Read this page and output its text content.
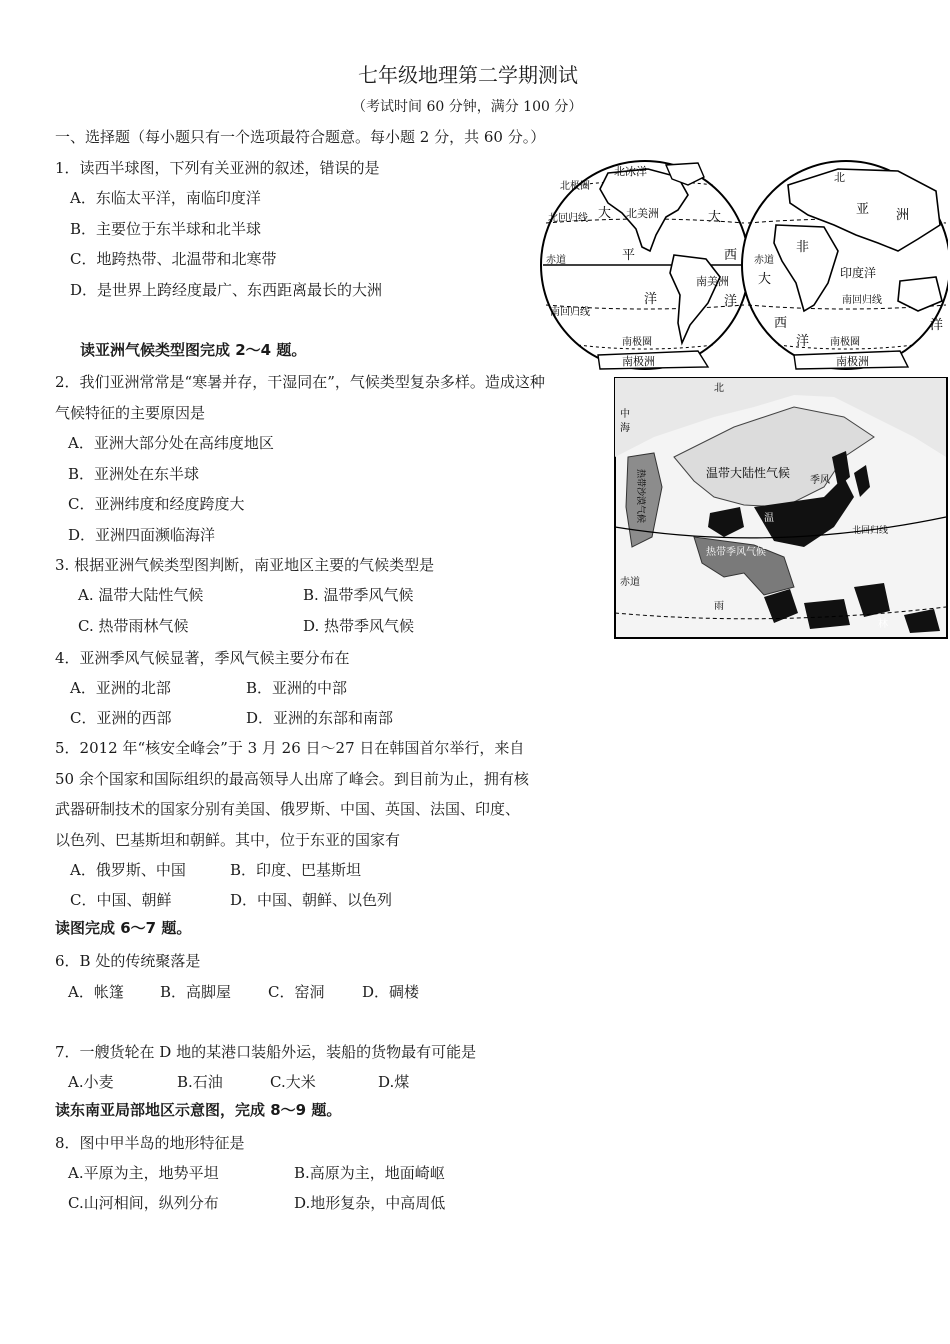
七年级地理第二学期测试
（考试时间 60 分钟，满分 100 分）
一、选择题（每小题只有一个选项最符合题意。每小题 2 分，共 60 分。）
1．读西半球图，下列有关亚洲的叙述，错误的是
A．东临太平洋，南临印度洋
B．主要位于东半球和北半球
C．地跨热带、北温带和北寒带
D．是世界上跨经度最广、东西距离最长的大洲
读亚洲气候类型图完成 2～4 题。
2．我们亚洲常常是“寒暑并存，干湿同在”，气候类型复杂多样。造成这种
气候特征的主要原因是
A．亚洲大部分处在高纬度地区
B．亚洲处在东半球
C．亚洲纬度和经度跨度大
D．亚洲四面濒临海洋
3. 根据亚洲气候类型图判断，南亚地区主要的气候类型是
A. 温带大陆性气候	B. 温带季风气候
C. 热带雨林气候	D. 热带季风气候
4．亚洲季风气候显著，季风气候主要分布在
A．亚洲的北部	B．亚洲的中部
C．亚洲的西部	D．亚洲的东部和南部
5．2012 年“核安全峰会”于 3 月 26 日～27 日在韩国首尔举行，来自
50 余个国家和国际组织的最高领导人出席了峰会。到目前为止，拥有核
武器研制技术的国家分别有美国、俄罗斯、中国、英国、法国、印度、
以色列、巴基斯坦和朝鲜。其中，位于东亚的国家有
A．俄罗斯、中国	B．印度、巴基斯坦
C．中国、朝鲜	D．中国、朝鲜、以色列
读图完成 6～7 题。
6．B 处的传统聚落是
A．帐篷 B．高脚屋 C．窑洞	D．碉楼
7．一艘货轮在 D 地的某港口装船外运，装船的货物最有可能是
A.小麦	B.石油	C.大米	D.煤
读东南亚局部地区示意图，完成 8～9 题。
8．图中甲半岛的地形特征是
A.平原为主，地势平坦	B.高原为主，地面崎岖
C.山河相间，纵列分布	D.地形复杂，中高周低
北冰洋
北极圈
北回归线	北美洲
大	大
赤道	平	西
南美洲
洋
洋
南回归线
南极圈
南极洲
北
亚 洲
非
赤道
大	印度洋
南回归线
西
洋
洋
南极圈
南极洲
温带大陆性气候
热带沙漠气候
热带季风气候
北回归线
季风
温
北
中
海
赤 道
雨
林
